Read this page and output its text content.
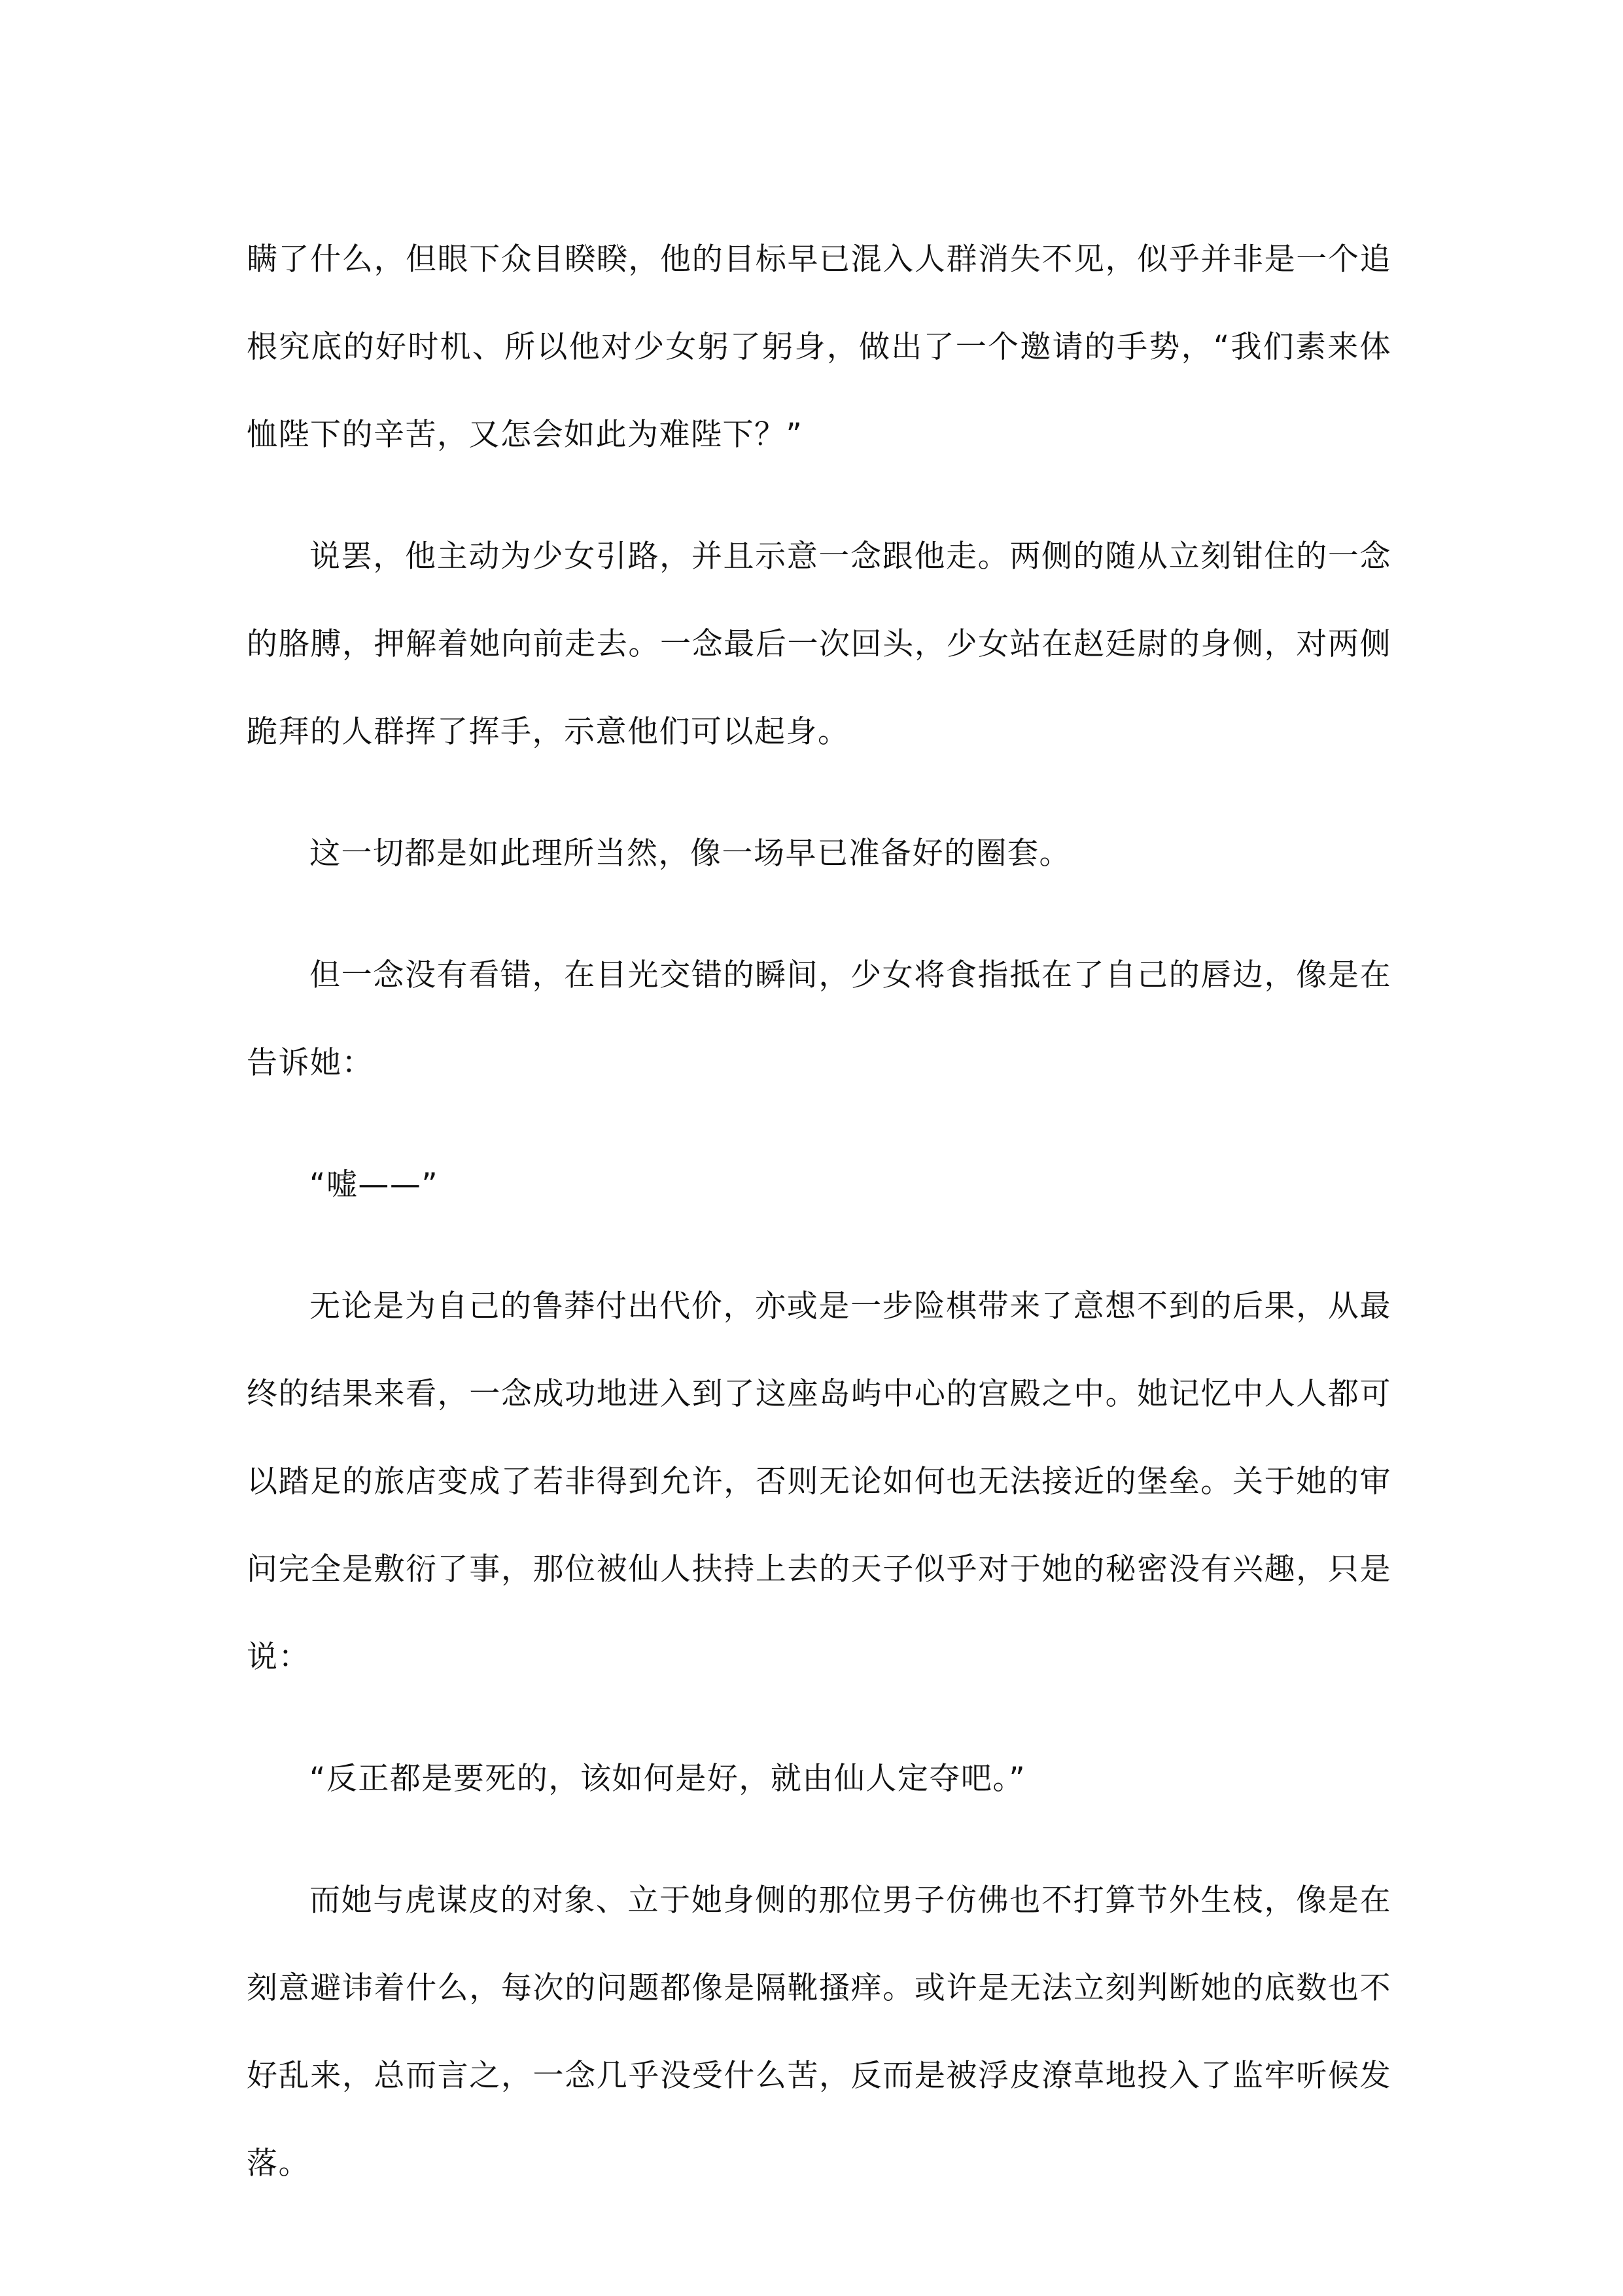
瞒了什么，但眼下众目睽睽，他的目标早已混入人群消失不见，似乎并非是一个追根究底的好时机、所以他对少女躬了躬身，做出了一个邀请的手势，“我们素来体恤陛下的辛苦，又怎会如此为难陛下？”

说罢，他主动为少女引路，并且示意一念跟他走。两侧的随从立刻钳住的一念的胳膊，押解着她向前走去。一念最后一次回头，少女站在赵廷尉的身侧，对两侧跪拜的人群挥了挥手，示意他们可以起身。

这一切都是如此理所当然，像一场早已准备好的圈套。

但一念没有看错，在目光交错的瞬间，少女将食指抵在了自己的唇边，像是在告诉她：

“嘘——”

无论是为自己的鲁莽付出代价，亦或是一步险棋带来了意想不到的后果，从最终的结果来看，一念成功地进入到了这座岛屿中心的宫殿之中。她记忆中人人都可以踏足的旅店变成了若非得到允许，否则无论如何也无法接近的堡垒。关于她的审问完全是敷衍了事，那位被仙人扶持上去的天子似乎对于她的秘密没有兴趣，只是说：

“反正都是要死的，该如何是好，就由仙人定夺吧。”

而她与虎谋皮的对象、立于她身侧的那位男子仿佛也不打算节外生枝，像是在刻意避讳着什么，每次的问题都像是隔靴搔痒。或许是无法立刻判断她的底数也不好乱来，总而言之，一念几乎没受什么苦，反而是被浮皮潦草地投入了监牢听候发落。
